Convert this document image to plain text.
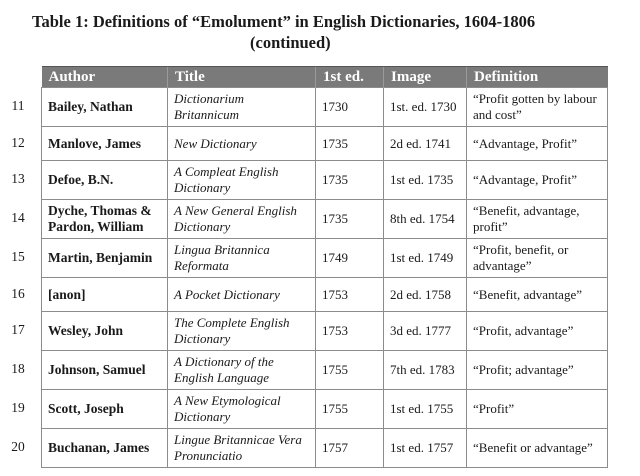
Table 1: Definitions of “Emolument” in English Dictionaries, 1604-1806
(continued)
11
12
13
14
15
16
17
18
19
20
Author	Title	1st ed.	Image	Definition
Bailey, Nathan	Dictionarium Britannicum	1730	1st. ed. 1730	“Profit gotten by labour and cost”
Manlove, James	New Dictionary	1735	2d ed. 1741	“Advantage, Profit”
Defoe, B.N.	A Compleat English Dictionary	1735	1st ed. 1735	“Advantage, Profit”
Dyche, Thomas & Pardon, William	A New General English Dictionary	1735	8th ed. 1754	“Benefit, advantage, profit”
Martin, Benjamin	Lingua Britannica Reformata	1749	1st ed. 1749	“Profit, benefit, or advantage”
[anon]	A Pocket Dictionary	1753	2d ed. 1758	“Benefit, advantage”
Wesley, John	The Complete English Dictionary	1753	3d ed. 1777	“Profit, advantage”
Johnson, Samuel	A Dictionary of the English Language	1755	7th ed. 1783	“Profit; advantage”
Scott, Joseph	A New Etymological Dictionary	1755	1st ed. 1755	“Profit”
Buchanan, James	Lingue Britannicae Vera Pronunciatio	1757	1st ed. 1757	“Benefit or advantage”
